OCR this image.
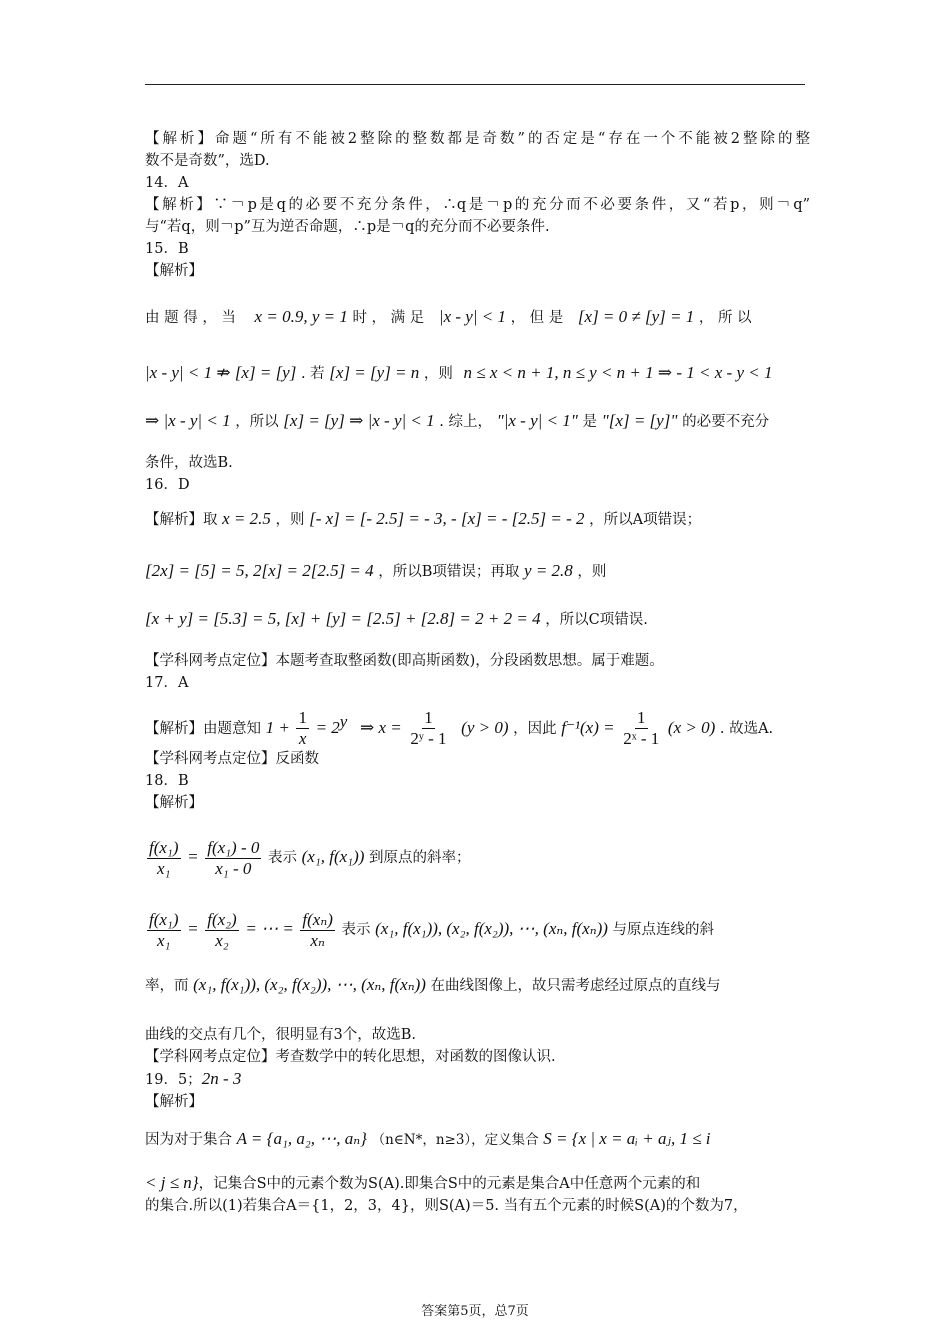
【解析】命题“所有不能被2整除的整数都是奇数”的否定是“存在一个不能被2整除的整
数不是奇数”，选D.
14．A
【解析】∵￢p是q的必要不充分条件，∴q是￢p的充分而不必要条件，又“若p，则￢q”
与“若q，则￢p”互为逆否命题，∴p是￢q的充分而不必要条件.
15．B
【解析】
由 题 得 ， 当 x = 0.9, y = 1 时 ， 满 足 |x - y| < 1 ， 但 是 [x] = 0 ≠ [y] = 1 ， 所 以
|x - y| < 1 ⇏ [x] = [y] . 若 [x] = [y] = n ，则 n ≤ x < n + 1, n ≤ y < n + 1 ⇒ - 1 < x - y < 1
⇒ |x - y| < 1 ，所以 [x] = [y] ⇒ |x - y| < 1 . 综上， "|x - y| < 1" 是 "[x] = [y]" 的必要不充分
条件，故选B.
16．D
【解析】取 x = 2.5 ，则 [- x] = [- 2.5] = - 3, - [x] = - [2.5] = - 2 ，所以A项错误；
[2x] = [5] = 5, 2[x] = 2[2.5] = 4 ，所以B项错误；再取 y = 2.8 ，则
[x + y] = [5.3] = 5, [x] + [y] = [2.5] + [2.8] = 2 + 2 = 4 ，所以C项错误.
【学科网考点定位】本题考查取整函数(即高斯函数)，分段函数思想。属于难题。
17．A
【解析】由题意知 $1 + \frac{1}{x} = 2^y$ ⇒ $x = \frac{1}{\text{2ʸ - 1}} (y > 0)$ ，因此 $f^{-1}(x) = \frac{1}{\text{2ˣ - 1}} (x > 0)$ . 故选A.
【学科网考点定位】反函数
18．B
【解析】
$\frac{\text{f(x₁)}}{\text{x₁}} = \frac{\text{f(x₁) - 0}}{\text{x₁ - 0}}$ 表示 (x₁, f(x₁)) 到原点的斜率；
$\frac{\text{f(x₁)}}{\text{x₁}} = \frac{\text{f(x₂)}}{\text{x₂}}$ = ⋯ = $\frac{\text{f(xₙ)}}{\text{xₙ}}$ 表示 (x₁, f(x₁)), (x₂, f(x₂)), ⋯, (xₙ, f(xₙ)) 与原点连线的斜
率，而 (x₁, f(x₁)), (x₂, f(x₂)), ⋯, (xₙ, f(xₙ)) 在曲线图像上，故只需考虑经过原点的直线与
曲线的交点有几个，很明显有3个，故选B.
【学科网考点定位】考查数学中的转化思想，对函数的图像认识.
19．5；2n - 3
【解析】
因为对于集合 A = {a₁, a₂, ⋯, aₙ} （n∈N*，n≥3），定义集合 S = {x | x = aᵢ + aⱼ, 1 ≤ i
< j ≤ n}，记集合S中的元素个数为S(A).即集合S中的元素是集合A中任意两个元素的和
的集合.所以(1)若集合A＝{1，2，3，4}，则S(A)＝5. 当有五个元素的时候S(A)的个数为7，
答案第5页，总7页
